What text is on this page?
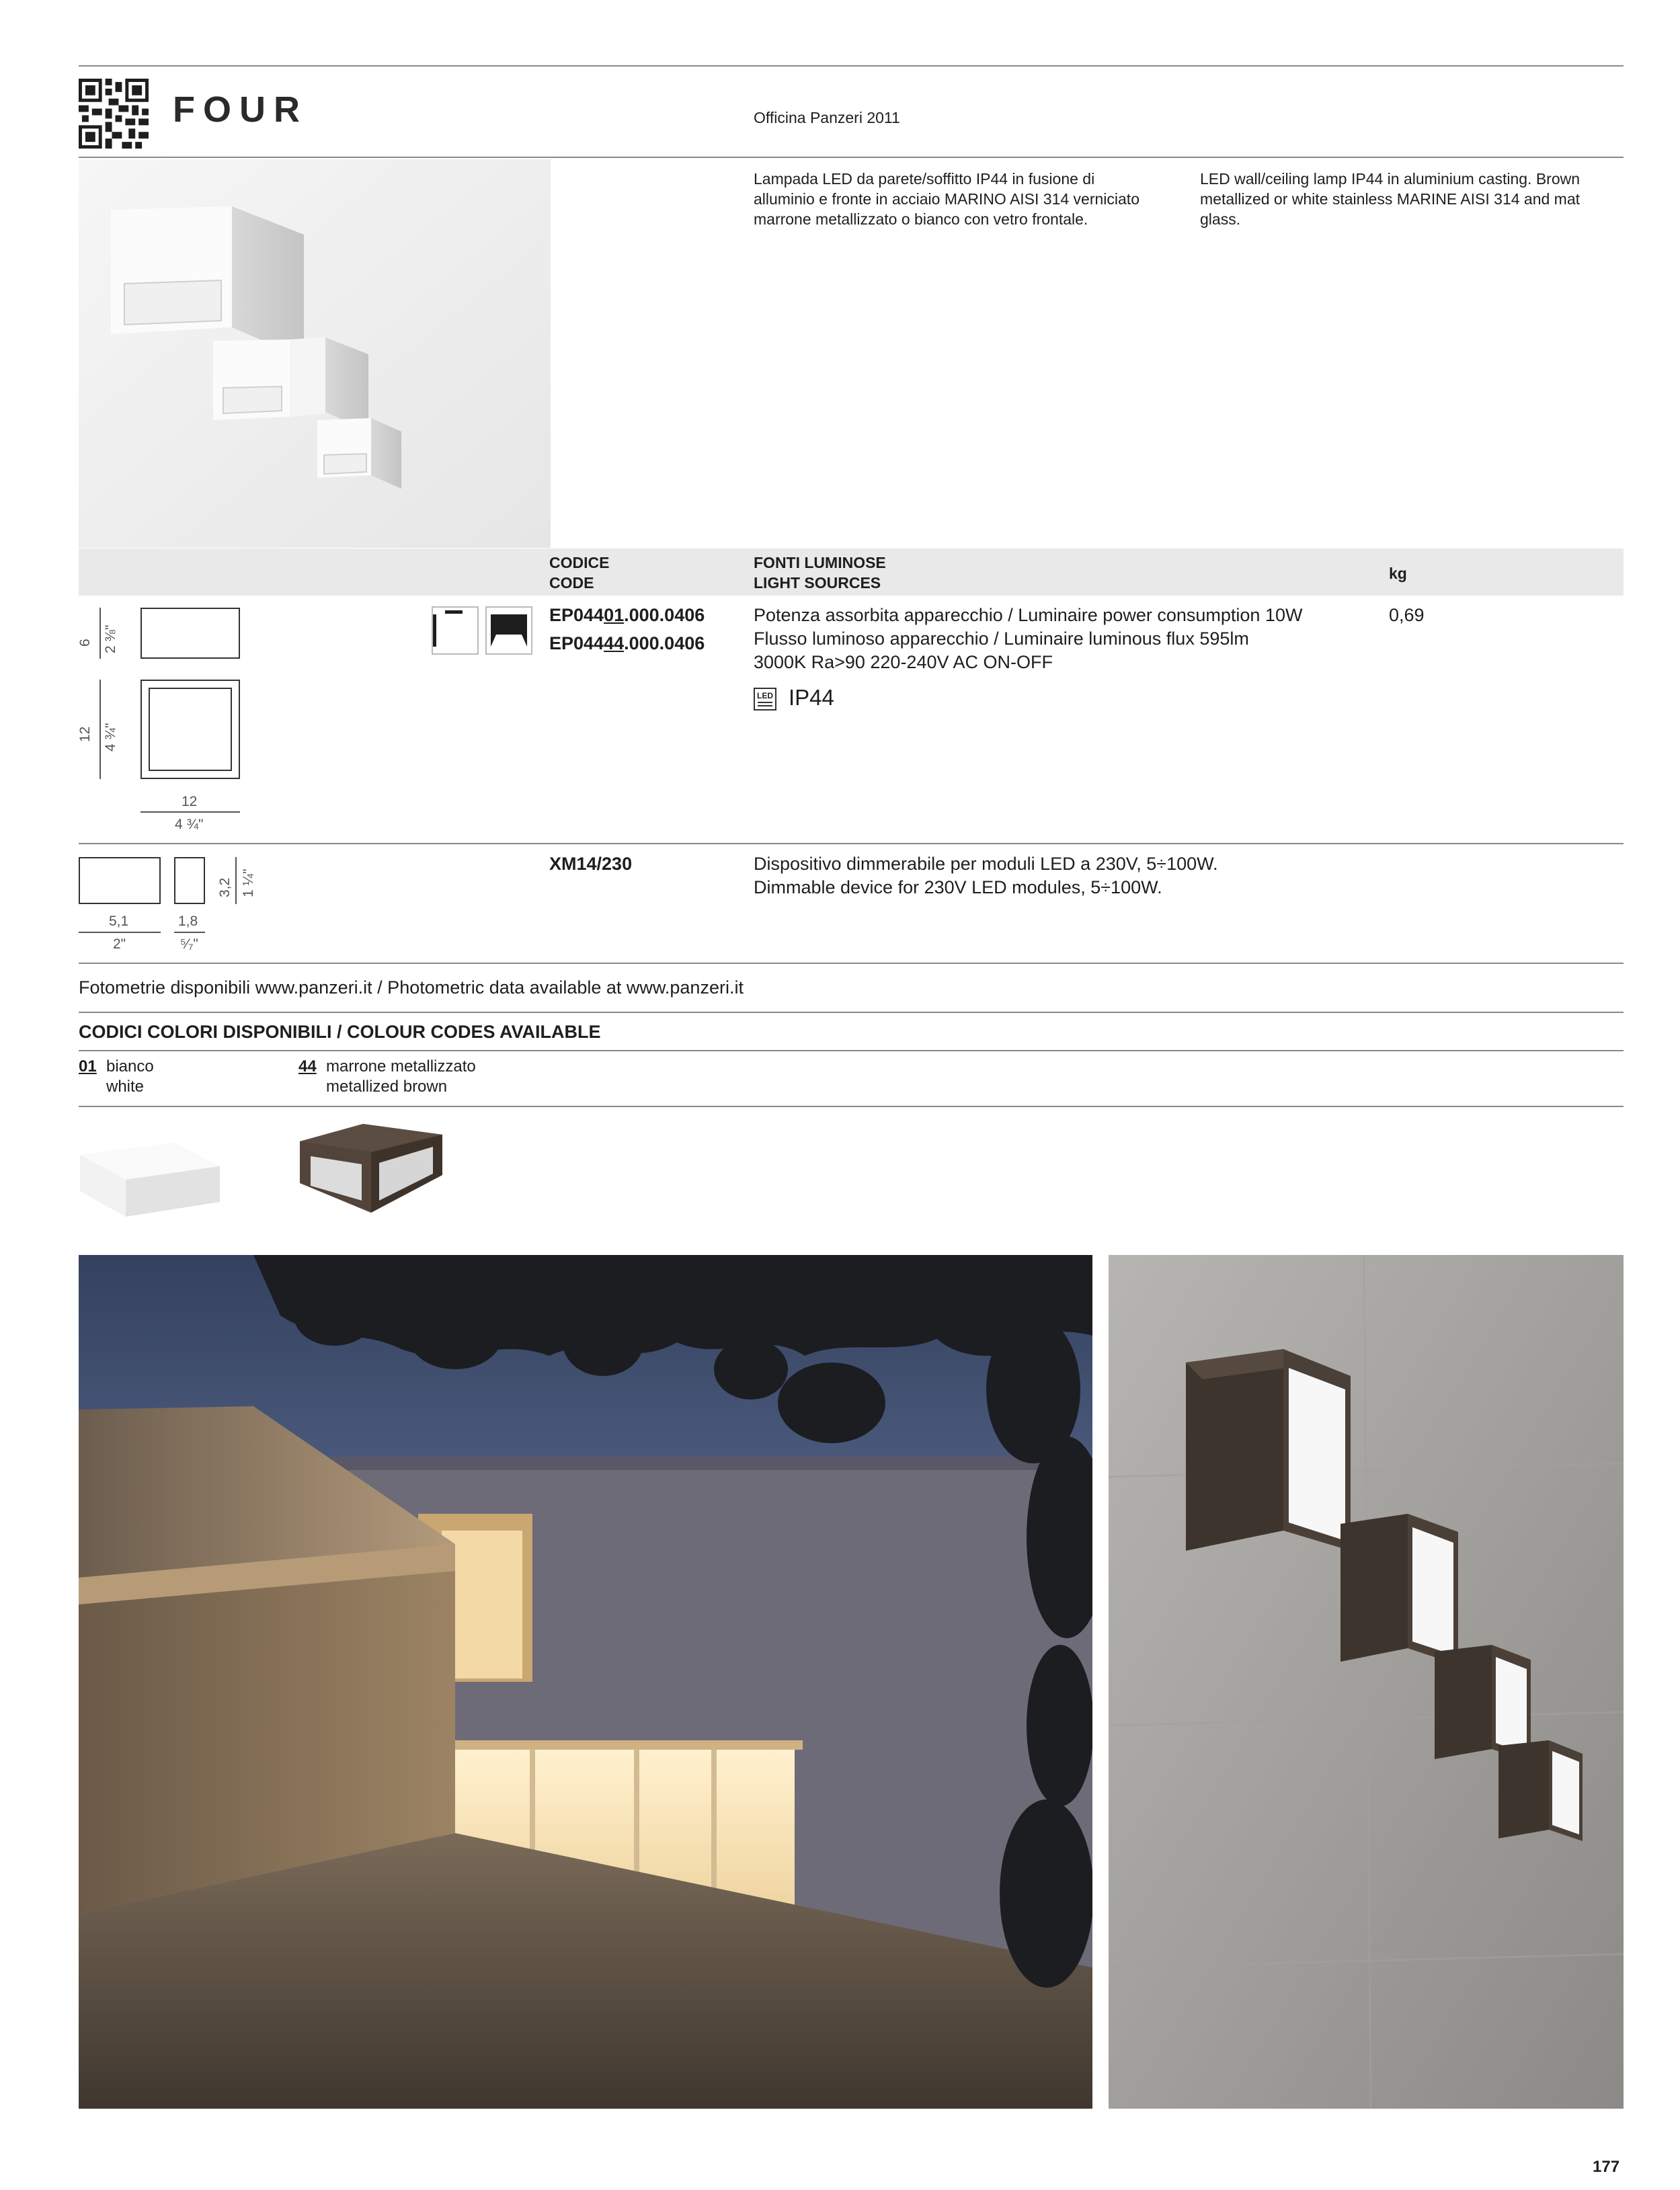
FOUR	Officina Panzeri 2011
Lampada LED da parete/soffitto IP44 in fusione di
alluminio e fronte in acciaio MARINO AISI 314 verniciato
marrone metallizzato o bianco con vetro frontale.
LED wall/ceiling lamp IP44 in aluminium casting. Brown
metallized or white stainless MARINE AISI 314 and mat
glass.
CODICE
CODE
FONTI LUMINOSE
LIGHT SOURCES
kg
6 2 ⅜"
12 4 ¾"
12
4 ¾"
EP04401.000.0406
EP04444.000.0406
Potenza assorbita apparecchio / Luminaire power consumption 10W
Flusso luminoso apparecchio / Luminaire luminous flux 595lm
3000K Ra>90 220-240V AC ON-OFF
LED IP44
0,69
3,2 1 ¼"
5,1
2"
1,8
⁵⁄₇"
XM14/230	Dispositivo dimmerabile per moduli LED a 230V, 5÷100W.
Dimmable device for 230V LED modules, 5÷100W.
Fotometrie disponibili www.panzeri.it / Photometric data available at www.panzeri.it
CODICI COLORI DISPONIBILI / COLOUR CODES AVAILABLE
01 bianco
white
44 marrone metallizzato
metallized brown
177
